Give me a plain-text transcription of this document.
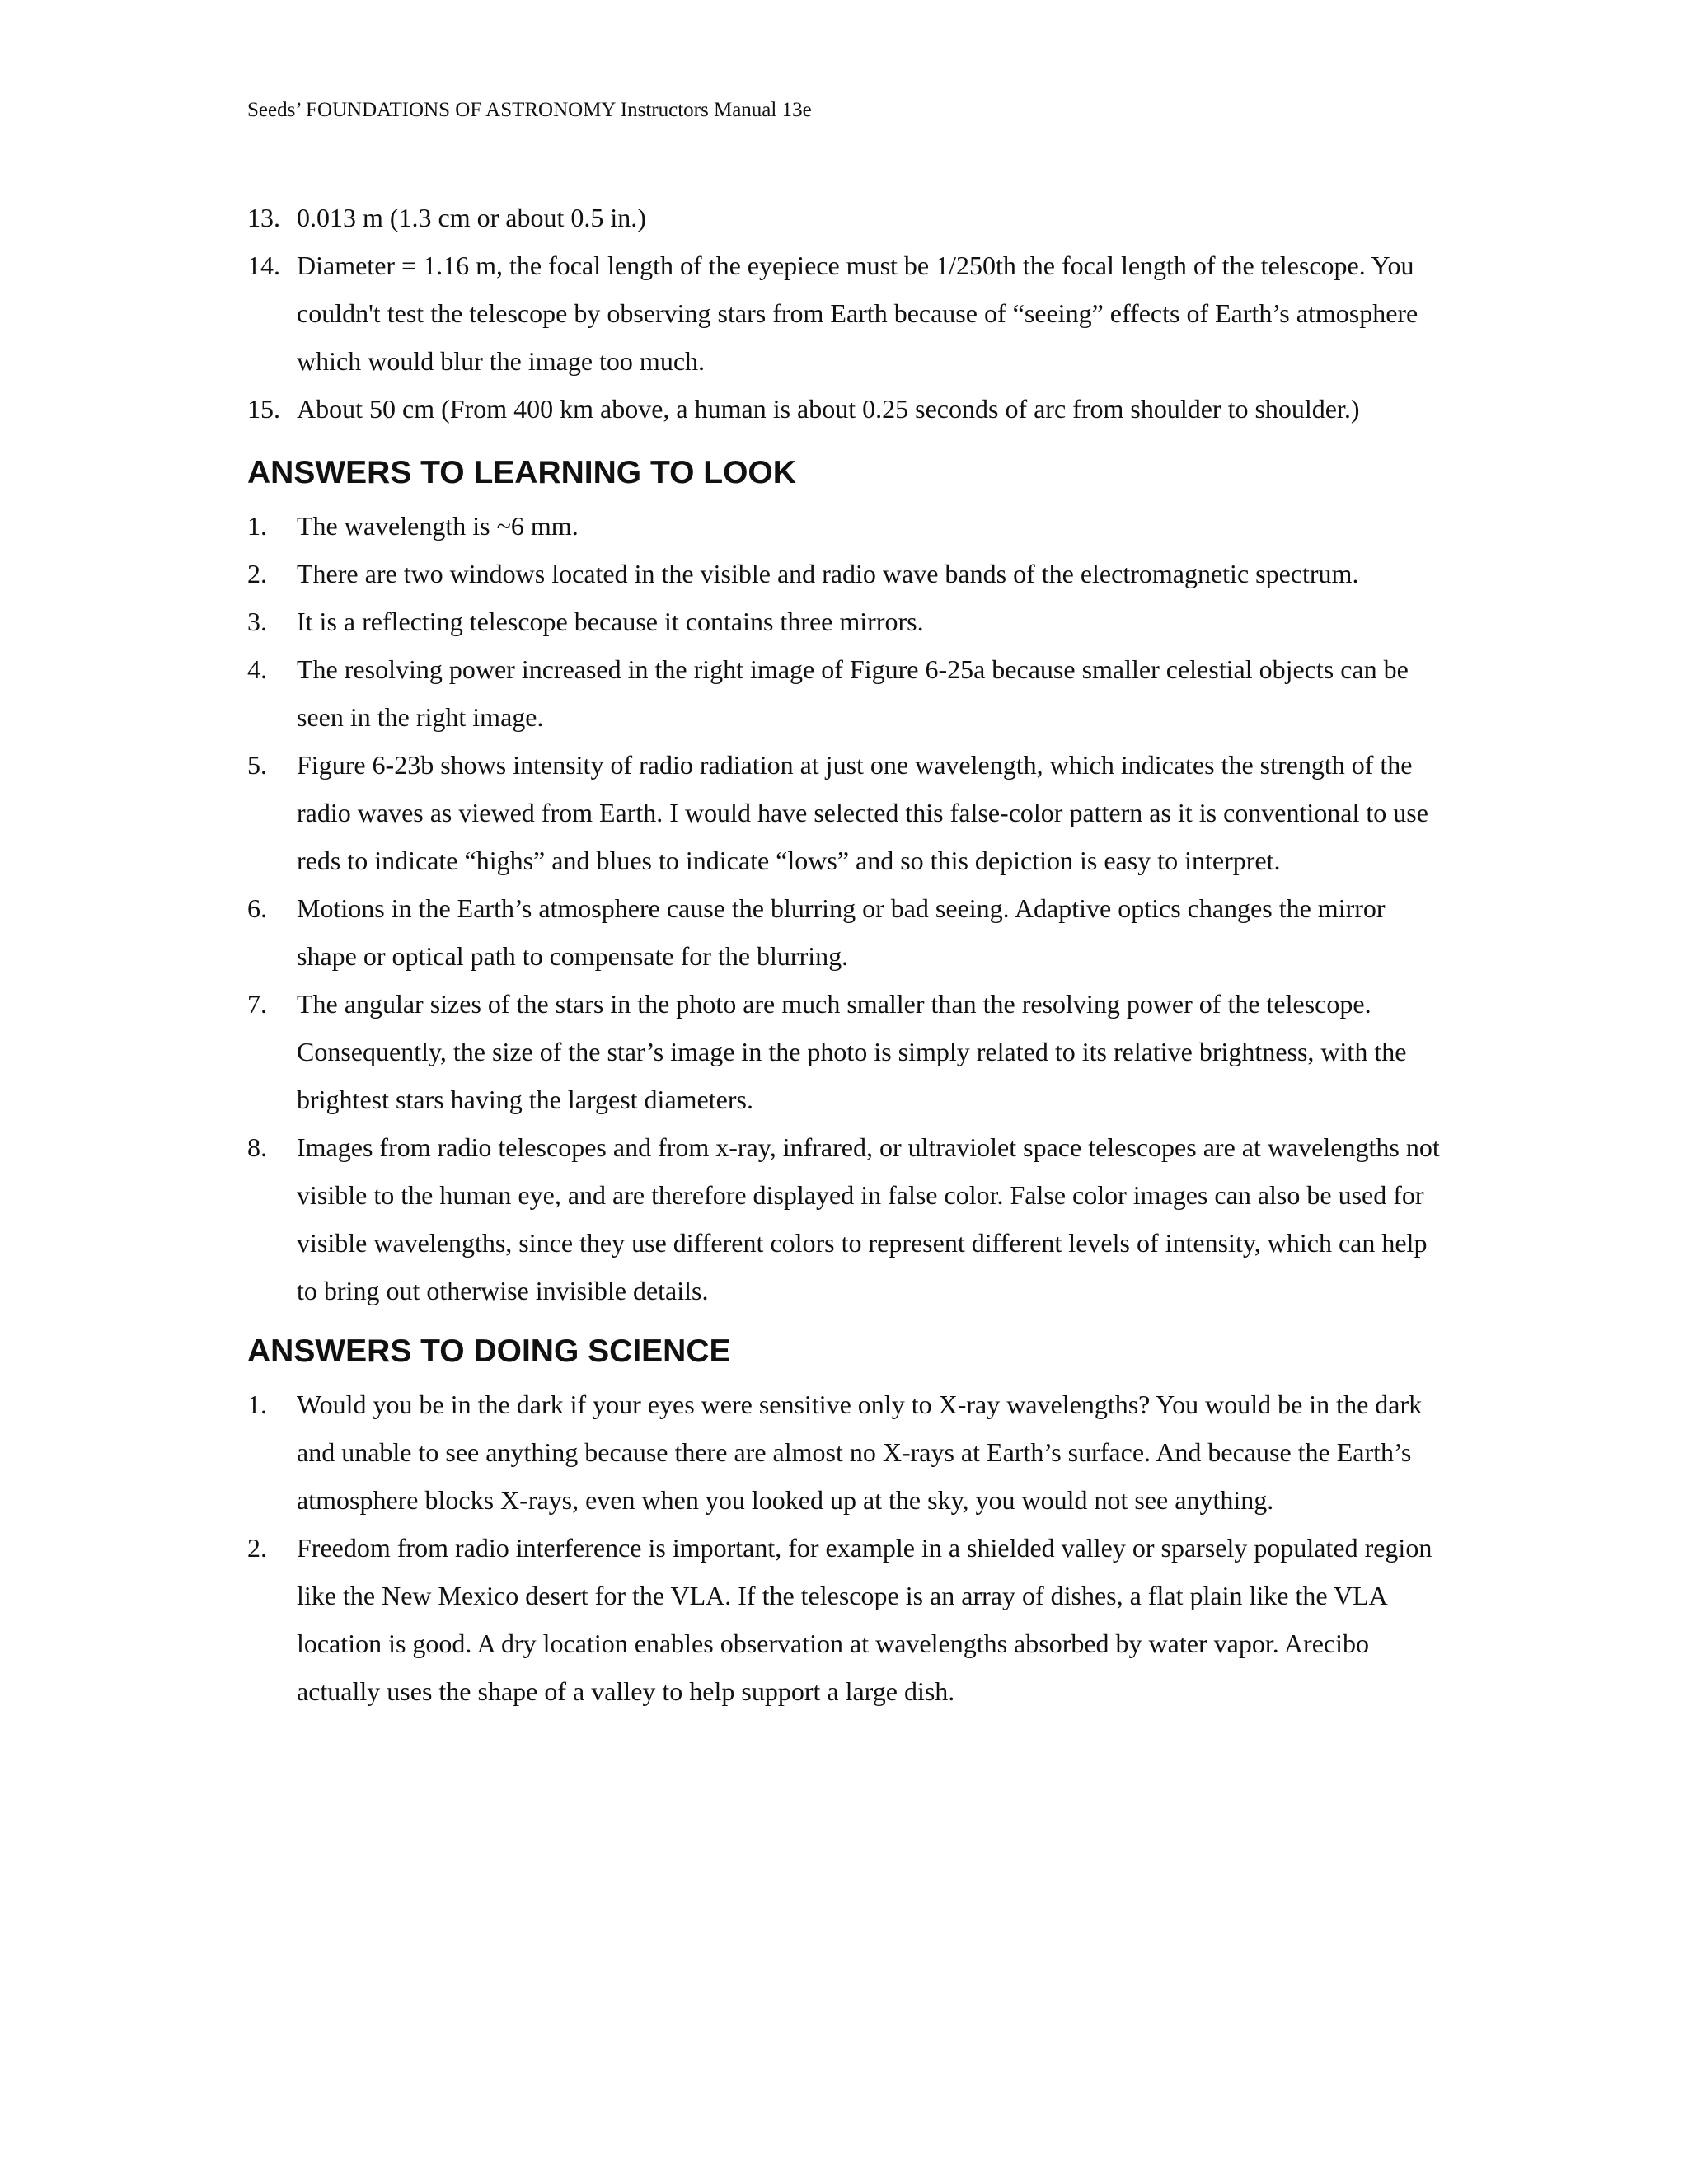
Seeds’ FOUNDATIONS OF ASTRONOMY Instructors Manual 13e
13. 0.013 m (1.3 cm or about 0.5 in.)
14. Diameter = 1.16 m, the focal length of the eyepiece must be 1/250th the focal length of the telescope. You couldn't test the telescope by observing stars from Earth because of “seeing” effects of Earth’s atmosphere which would blur the image too much.
15. About 50 cm (From 400 km above, a human is about 0.25 seconds of arc from shoulder to shoulder.)
ANSWERS TO LEARNING TO LOOK
1.	The wavelength is ~6 mm.
2.	There are two windows located in the visible and radio wave bands of the electromagnetic spectrum.
3.	It is a reflecting telescope because it contains three mirrors.
4.	The resolving power increased in the right image of Figure 6-25a because smaller celestial objects can be seen in the right image.
5.	Figure 6-23b shows intensity of radio radiation at just one wavelength, which indicates the strength of the radio waves as viewed from Earth. I would have selected this false-color pattern as it is conventional to use reds to indicate “highs” and blues to indicate “lows” and so this depiction is easy to interpret.
6.	Motions in the Earth’s atmosphere cause the blurring or bad seeing. Adaptive optics changes the mirror shape or optical path to compensate for the blurring.
7.	The angular sizes of the stars in the photo are much smaller than the resolving power of the telescope. Consequently, the size of the star’s image in the photo is simply related to its relative brightness, with the brightest stars having the largest diameters.
8.	Images from radio telescopes and from x-ray, infrared, or ultraviolet space telescopes are at wavelengths not visible to the human eye, and are therefore displayed in false color. False color images can also be used for visible wavelengths, since they use different colors to represent different levels of intensity, which can help to bring out otherwise invisible details.
ANSWERS TO DOING SCIENCE
1.	Would you be in the dark if your eyes were sensitive only to X-ray wavelengths? You would be in the dark and unable to see anything because there are almost no X-rays at Earth’s surface. And because the Earth’s atmosphere blocks X-rays, even when you looked up at the sky, you would not see anything.
2.	Freedom from radio interference is important, for example in a shielded valley or sparsely populated region like the New Mexico desert for the VLA. If the telescope is an array of dishes, a flat plain like the VLA location is good. A dry location enables observation at wavelengths absorbed by water vapor. Arecibo actually uses the shape of a valley to help support a large dish.
